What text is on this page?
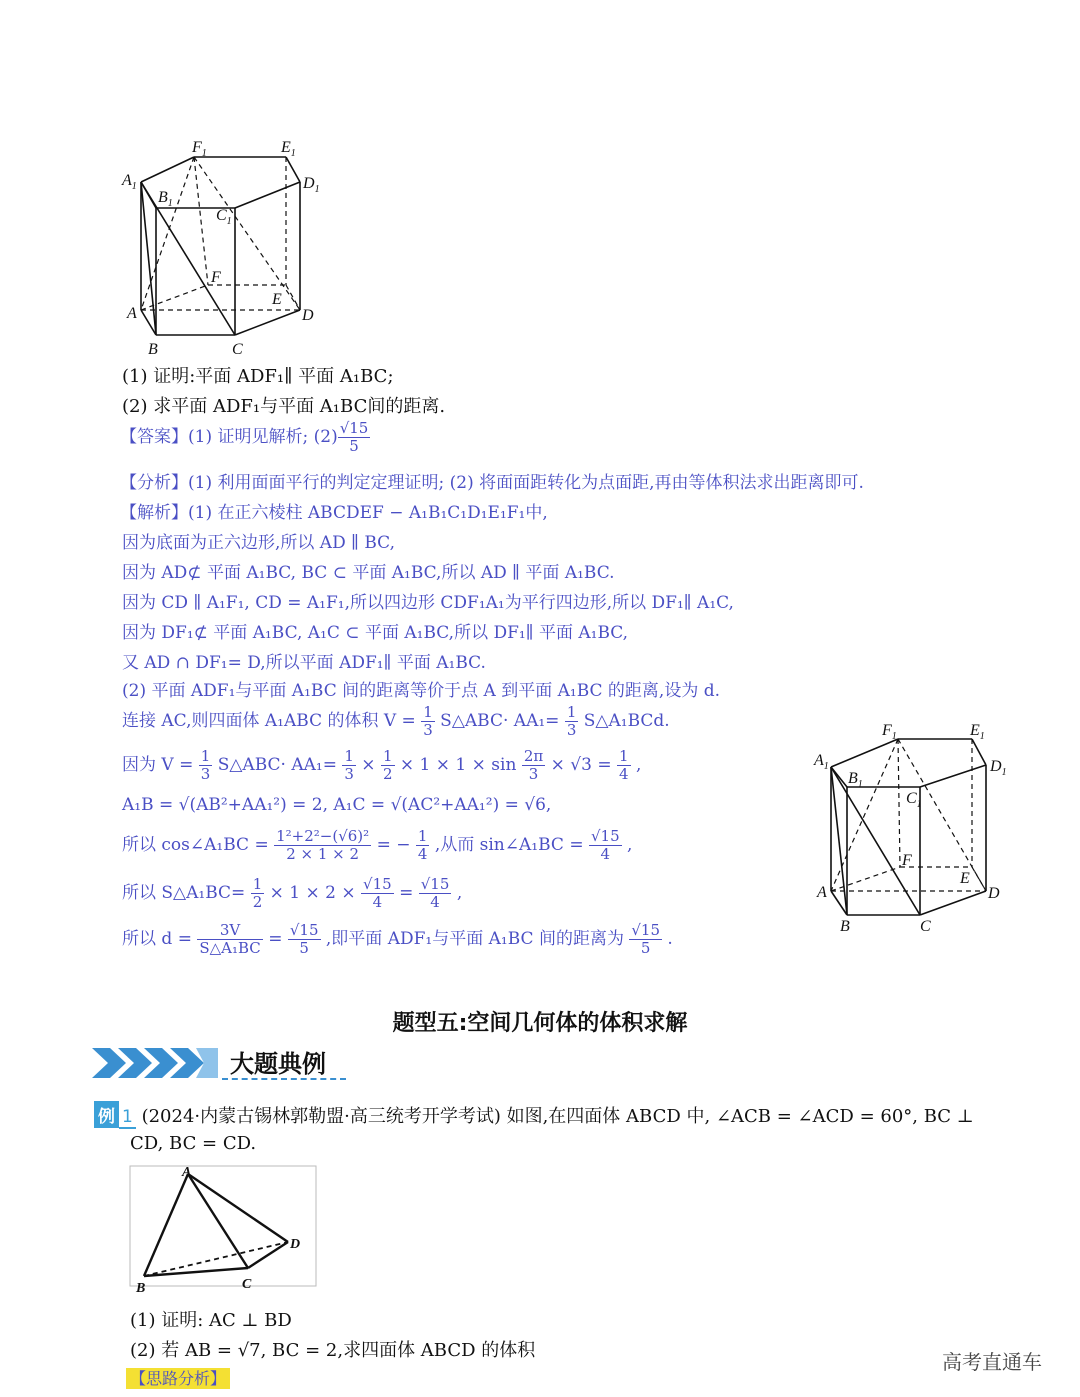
$A_1$
$B_1$
$C_1$
$D_1$
$E_1$
$F_1$
A
B	C
D
E
F
(1) 证明:平面 ADF₁∥ 平面 A₁BC;
(2) 求平面 ADF₁与平面 A₁BC间的距离.
【答案】(1) 证明见解析; $(2) \frac{√15}{5}$
【分析】(1) 利用面面平行的判定定理证明; (2) 将面面距转化为点面距,再由等体积法求出距离即可.
【解析】(1) 在正六棱柱 ABCDEF − A₁B₁C₁D₁E₁F₁中,
因为底面为正六边形,所以 AD ∥ BC,
因为 AD⊄ 平面 A₁BC, BC ⊂ 平面 A₁BC,所以 AD ∥ 平面 A₁BC.
因为 CD ∥ A₁F₁, CD = A₁F₁,所以四边形 CDF₁A₁为平行四边形,所以 DF₁∥ A₁C,
因为 DF₁⊄ 平面 A₁BC, A₁C ⊂ 平面 A₁BC,所以 DF₁∥ 平面 A₁BC,
又 AD ∩ DF₁= D,所以平面 ADF₁∥ 平面 A₁BC.
(2) 平面 ADF₁与平面 A₁BC 间的距离等价于点 A 到平面 A₁BC 的距离,设为 d.
连接 AC,则四面体 A₁ABC 的体积 $V = \frac{1}{3}$ S△ABC· $AA_1= \frac{1}{3}$ S△A₁BCd.
因为 $V = \frac{1}{3}$ S△ABC· $AA_1= \frac{1}{3} \times \frac{1}{2} \times 1 \times 1 \times \sin \frac{2\pi}{3} \times √3 = \frac{1}{4}$ ,
A₁B = √(AB²+AA₁²) = 2, A₁C = √(AC²+AA₁²) = √6,
所以 cos∠A₁BC = $\frac{\text{1²+2²−(√6)²}}{2 \times 1 \times 2}$ = − $\frac{1}{4}$ ,从而 sin∠A₁BC = $\frac{√15}{4}$ ,
所以 S△A₁BC= $\frac{1}{2} \times 1 \times 2 \times \frac{√15}{4} = \frac{√15}{4}$ ,
所以 $d = \frac{3V}{\text{S△A₁BC}} = \frac{√15}{5}$ ,即平面 ADF₁与平面 A₁BC 间的距离为 $\frac{√15}{5}$ .
$A_1$
$B_1$
$C_1$
$D_1$
$E_1$
$F_1$
A
B	C
D
E
F
题型五:空间几何体的体积求解
大题典例
例 1 (2024·内蒙古锡林郭勒盟·高三统考开学考试) 如图,在四面体 ABCD 中, ∠ACB = ∠ACD = 60°, BC ⊥
CD, BC = CD.
A
B	C
D
(1) 证明: AC ⊥ BD
(2) 若 AB = √7, BC = 2,求四面体 ABCD 的体积
【思路分析】
高考直通车
